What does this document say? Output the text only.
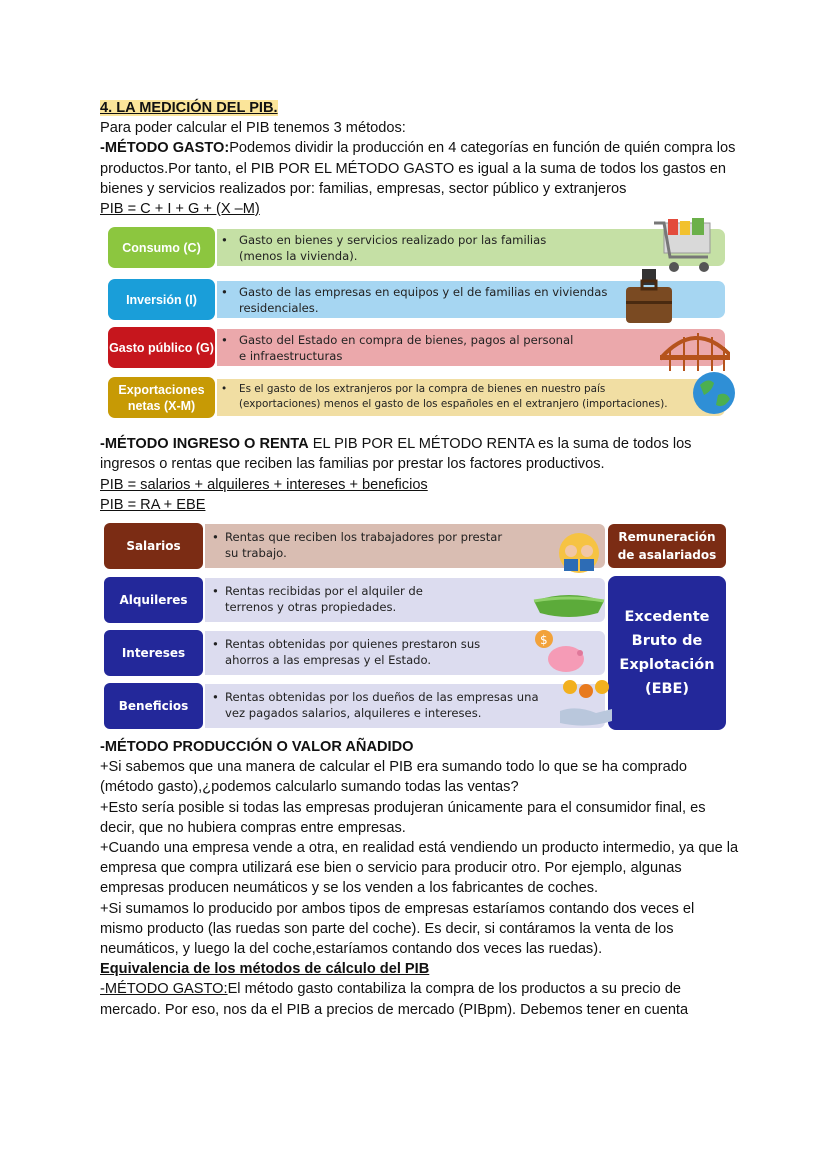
4. LA MEDICIÓN DEL PIB.

Para poder calcular el PIB tenemos 3 métodos:

-MÉTODO GASTO:Podemos dividir la producción en 4 categorías en función de quién compra los productos.Por tanto, el PIB POR EL MÉTODO GASTO es igual a la suma de todos los gastos en bienes y servicios realizados por: familias, empresas, sector público y extranjeros

PIB = C + I + G + (X –M)

• Gasto en bienes y servicios realizado por las familias
(menos la vivienda).
Consumo (C)
• Gasto de las empresas en equipos y el de familias en viviendas
residenciales.
Inversión (I)
• Gasto del Estado en compra de bienes, pagos al personal
e infraestructuras
Gasto público (G)
•	Es el gasto de los extranjeros por la compra de bienes en nuestro país
(exportaciones) menos el gasto de los españoles en el extranjero (importaciones).
Exportaciones netas (X-M)

-MÉTODO INGRESO O RENTA EL PIB POR EL MÉTODO RENTA es la suma de todos los ingresos o rentas que reciben las familias por prestar los factores productivos.

PIB = salarios + alquileres + intereses + beneficios

PIB = RA + EBE

Salarios
• Rentas que reciben los trabajadores por prestar
su trabajo.
Alquileres
• Rentas recibidas por el alquiler de
terrenos y otras propiedades.
Intereses
• Rentas obtenidas por quienes prestaron sus
ahorros a las empresas y el Estado.
Beneficios
• Rentas obtenidas por los dueños de las empresas una
vez pagados salarios, alquileres e intereses.
Remuneración de asalariados
Excedente Bruto de Explotación (EBE)
$

-MÉTODO PRODUCCIÓN O VALOR AÑADIDO

+Si sabemos que una manera de calcular el PIB era sumando todo lo que se ha comprado (método gasto),¿podemos calcularlo sumando todas las ventas?

+Esto sería posible si todas las empresas produjeran únicamente para el consumidor final, es decir, que no hubiera compras entre empresas.

+Cuando una empresa vende a otra, en realidad está vendiendo un producto intermedio, ya que la empresa que compra utilizará ese bien o servicio para producir otro. Por ejemplo, algunas empresas producen neumáticos y se los venden a los fabricantes de coches.

+Si sumamos lo producido por ambos tipos de empresas estaríamos contando dos veces el mismo producto (las ruedas son parte del coche). Es decir, si contáramos la venta de los neumáticos, y luego la del coche,estaríamos contando dos veces las ruedas).

Equivalencia de los métodos de cálculo del PIB

-MÉTODO GASTO:El método gasto contabiliza la compra de los productos a su precio de mercado. Por eso, nos da el PIB a precios de mercado (PIBpm). Debemos tener en cuenta
